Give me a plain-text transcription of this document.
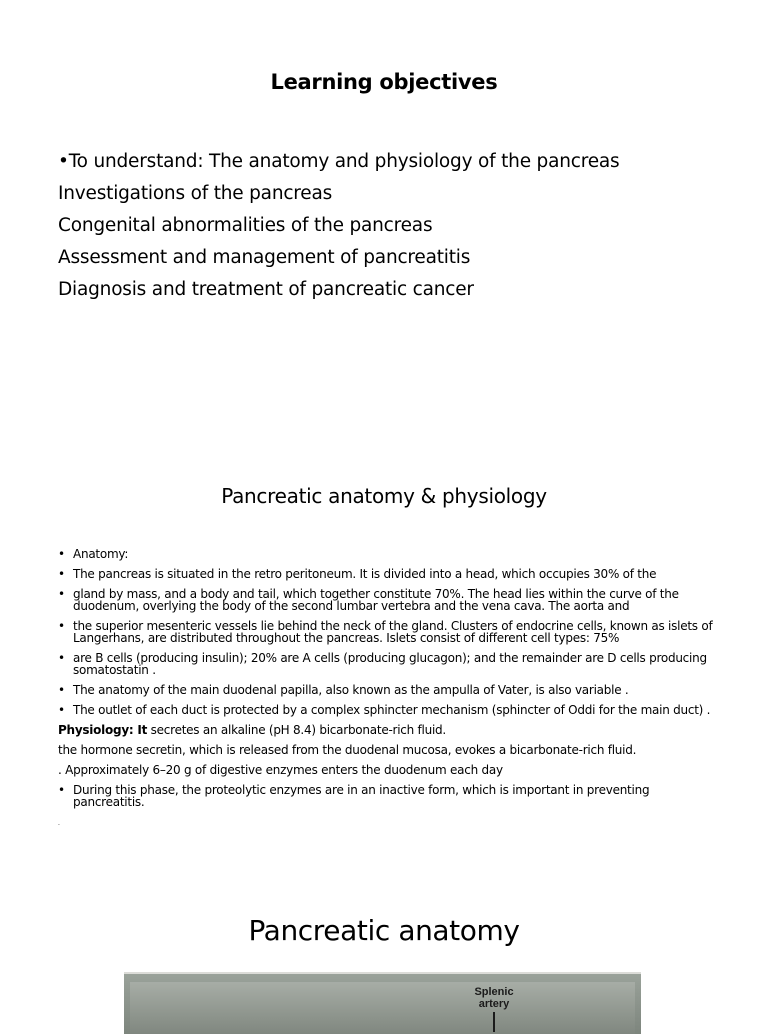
Learning objectives
•To understand: The anatomy and physiology of the pancreas
Investigations of the pancreas
Congenital abnormalities of the pancreas
Assessment and management of pancreatitis
Diagnosis and treatment of pancreatic cancer
Pancreatic anatomy & physiology
• Anatomy:
• The pancreas is situated in the retro peritoneum. It is divided into a head, which occupies 30% of the
• gland by mass, and a body and tail, which together constitute 70%. The head lies within the curve of the duodenum, overlying the body of the second lumbar vertebra and the vena cava. The aorta and
• the superior mesenteric vessels lie behind the neck of the gland. Clusters of endocrine cells, known as islets of Langerhans, are distributed throughout the pancreas. Islets consist of different cell types: 75%
• are B cells (producing insulin); 20% are A cells (producing glucagon); and the remainder are D cells producing somatostatin .
• The anatomy of the main duodenal papilla, also known as the ampulla of Vater, is also variable .
• The outlet of each duct is protected by a complex sphincter mechanism (sphincter of Oddi for the main duct) .
Physiology: It secretes an alkaline (pH 8.4) bicarbonate-rich fluid.
the hormone secretin, which is released from the duodenal mucosa, evokes a bicarbonate-rich fluid.
. Approximately 6–20 g of digestive enzymes enters the duodenum each day
• During this phase, the proteolytic enzymes are in an inactive form, which is important in preventing pancreatitis.
.
Pancreatic anatomy
Splenic artery
